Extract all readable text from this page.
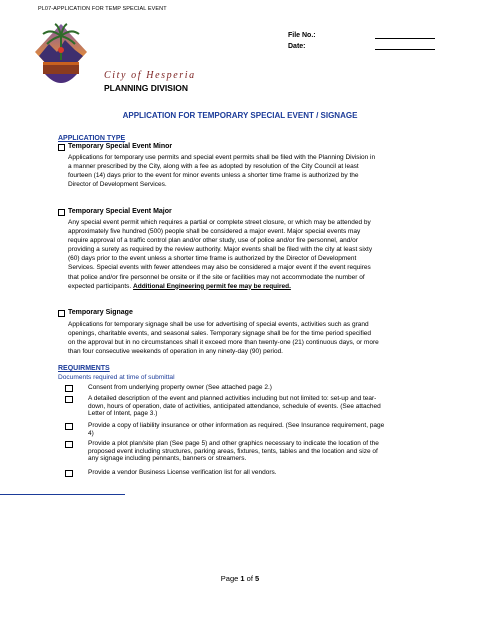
PL07-APPLICATION FOR TEMP SPECIAL EVENT
City of Hesperia
PLANNING DIVISION
File No.:
Date:
APPLICATION FOR TEMPORARY SPECIAL EVENT / SIGNAGE
APPLICATION TYPE
Temporary Special Event Minor
Applications for temporary use permits and special event permits shall be filed with the Planning Division in
a manner prescribed by the City, along with a fee as adopted by resolution of the City Council at least
fourteen (14) days prior to the event for minor events unless a shorter time frame is authorized by the
Director of Development Services.
Temporary Special Event Major
Any special event permit which requires a partial or complete street closure, or which may be attended by
approximately five hundred (500) people shall be considered a major event. Major special events may
require approval of a traffic control plan and/or other study, use of police and/or fire personnel, and/or
providing a surety as required by the review authority. Major events shall be filed with the city at least sixty
(60) days prior to the event unless a shorter time frame is authorized by the Director of Development
Services. Special events with fewer attendees may also be considered a major event if the event requires
that police and/or fire personnel be onsite or if the site or facilities may not accommodate the number of
expected participants. Additional Engineering permit fee may be required.
Temporary Signage
Applications for temporary signage shall be use for advertising of special events, activities such as grand
openings, charitable events, and seasonal sales. Temporary signage shall be for the time period specified
on the approval but in no circumstances shall it exceed more than twenty-one (21) continuous days, or more
than four consecutive weekends of operation in any ninety-day (90) period.
REQUIRMENTS
Documents required at time of submittal
Consent from underlying property owner (See attached page 2.)
A detailed description of the event and planned activities including but not limited to: set-up and tear-
down, hours of operation, date of activities, anticipated attendance, schedule of events. (See attached
Letter of Intent, page 3.)
Provide a copy of liability insurance or other information as required. (See Insurance requirement, page
4)
Provide a plot plan/site plan (See page 5) and other graphics necessary to indicate the location of the
proposed event including structures, parking areas, fixtures, tents, tables and the location and size of
any signage including pennants, banners or streamers.
Provide a vendor Business License verification list for all vendors.
Page 1 of 5
